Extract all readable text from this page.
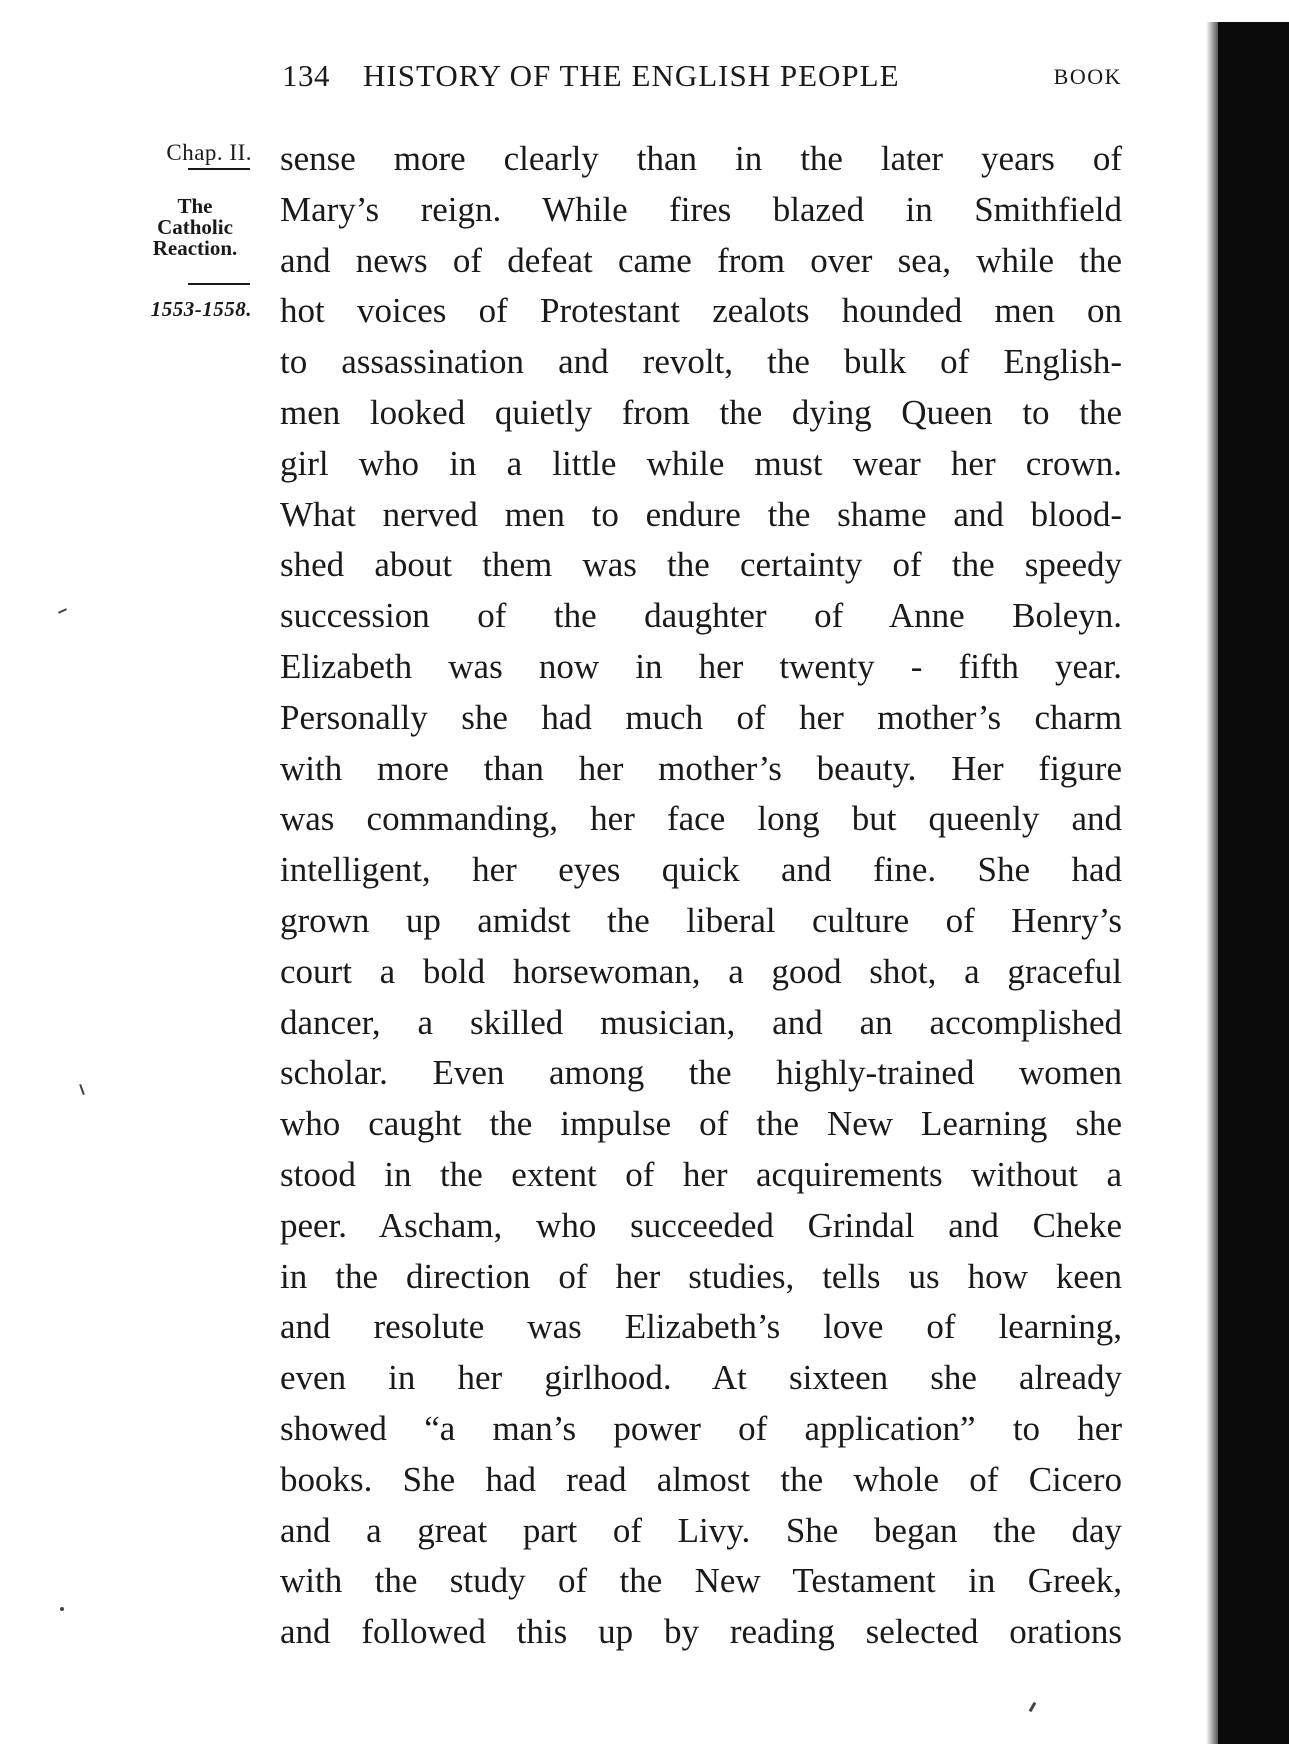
134 HISTORY OF THE ENGLISH PEOPLE	BOOK
Chap. II.
The
Catholic
Reaction.
1553-1558.
sense more clearly than in the later years of
Mary’s reign. While fires blazed in Smithfield
and news of defeat came from over sea, while the
hot voices of Protestant zealots hounded men on
to assassination and revolt, the bulk of English-
men looked quietly from the dying Queen to the
girl who in a little while must wear her crown.
What nerved men to endure the shame and blood-
shed about them was the certainty of the speedy
succession of the daughter of Anne Boleyn.
Elizabeth was now in her twenty - fifth year.
Personally she had much of her mother’s charm
with more than her mother’s beauty. Her figure
was commanding, her face long but queenly and
intelligent, her eyes quick and fine. She had
grown up amidst the liberal culture of Henry’s
court a bold horsewoman, a good shot, a graceful
dancer, a skilled musician, and an accomplished
scholar. Even among the highly-trained women
who caught the impulse of the New Learning she
stood in the extent of her acquirements without a
peer. Ascham, who succeeded Grindal and Cheke
in the direction of her studies, tells us how keen
and resolute was Elizabeth’s love of learning,
even in her girlhood. At sixteen she already
showed “a man’s power of application” to her
books. She had read almost the whole of Cicero
and a great part of Livy. She began the day
with the study of the New Testament in Greek,
and followed this up by reading selected orations
